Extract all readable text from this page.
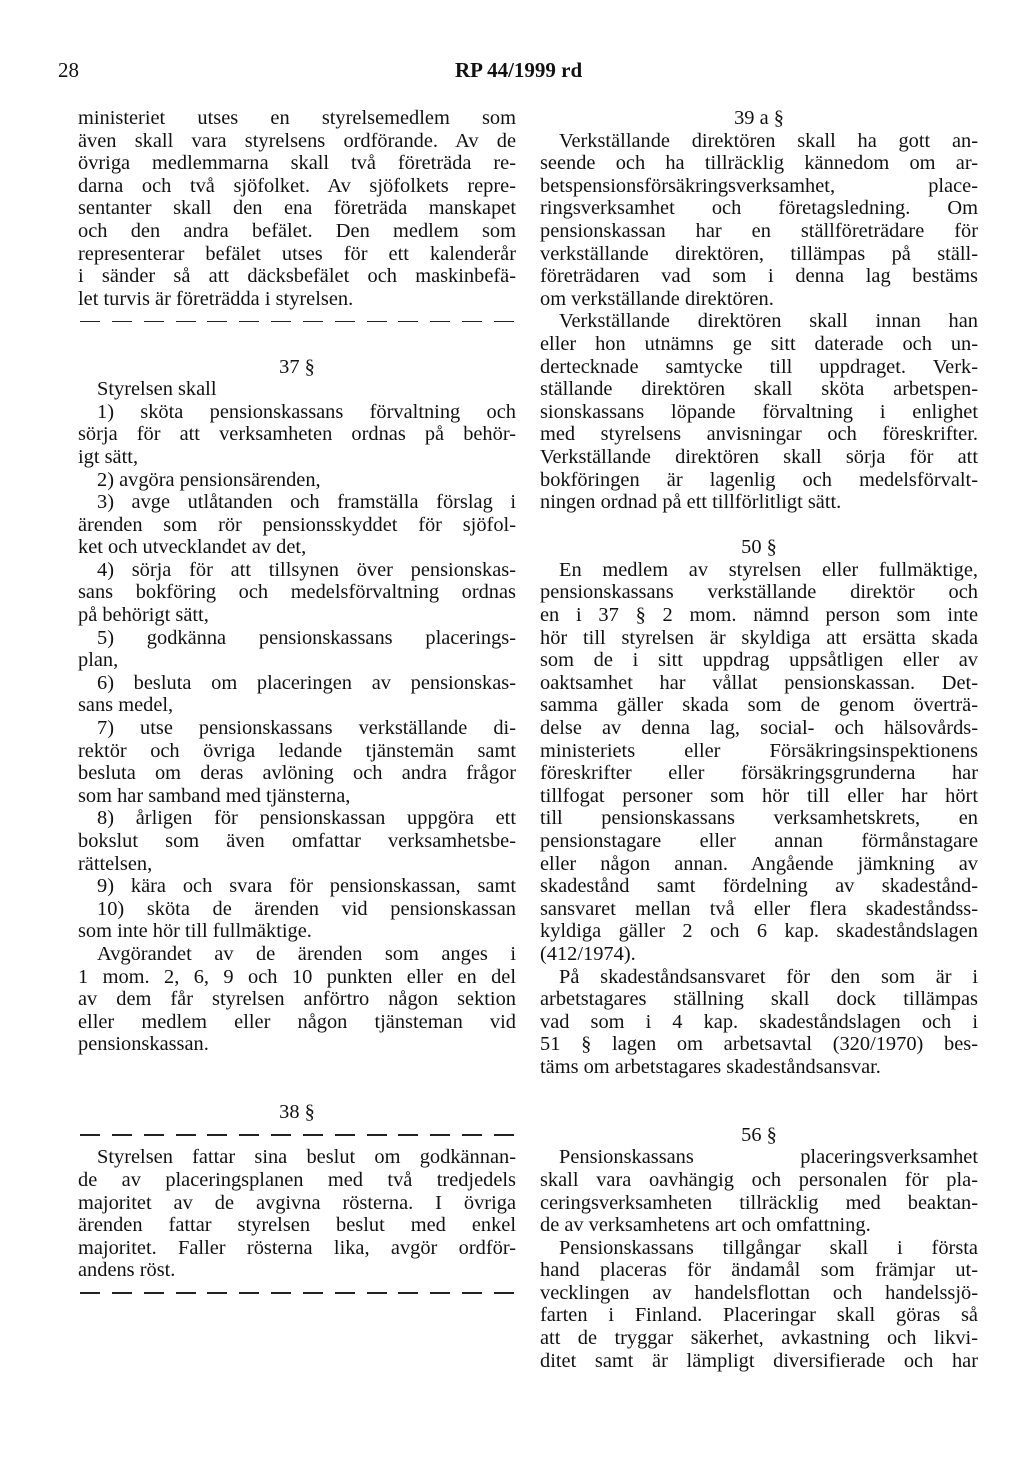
28	RP 44/1999 rd
ministeriet utses en styrelsemedlem som
även skall vara styrelsens ordförande. Av de
övriga medlemmarna skall två företräda re-
darna och två sjöfolket. Av sjöfolkets repre-
sentanter skall den ena företräda manskapet
och den andra befälet. Den medlem som
representerar befälet utses för ett kalenderår
i sänder så att däcksbefälet och maskinbefä-
let turvis är företrädda i styrelsen.
37 §
Styrelsen skall
1) sköta pensionskassans förvaltning och
sörja för att verksamheten ordnas på behör-
igt sätt,
2) avgöra pensionsärenden,
3) avge utlåtanden och framställa förslag i
ärenden som rör pensionsskyddet för sjöfol-
ket och utvecklandet av det,
4) sörja för att tillsynen över pensionskas-
sans bokföring och medelsförvaltning ordnas
på behörigt sätt,
5) godkänna pensionskassans placerings-
plan,
6) besluta om placeringen av pensionskas-
sans medel,
7) utse pensionskassans verkställande di-
rektör och övriga ledande tjänstemän samt
besluta om deras avlöning och andra frågor
som har samband med tjänsterna,
8) årligen för pensionskassan uppgöra ett
bokslut som även omfattar verksamhetsbe-
rättelsen,
9) kära och svara för pensionskassan, samt
10) sköta de ärenden vid pensionskassan
som inte hör till fullmäktige.
Avgörandet av de ärenden som anges i
1 mom. 2, 6, 9 och 10 punkten eller en del
av dem får styrelsen anförtro någon sektion
eller medlem eller någon tjänsteman vid
pensionskassan.
38 §
Styrelsen fattar sina beslut om godkännan-
de av placeringsplanen med två tredjedels
majoritet av de avgivna rösterna. I övriga
ärenden fattar styrelsen beslut med enkel
majoritet. Faller rösterna lika, avgör ordför-
andens röst.
39 a §
Verkställande direktören skall ha gott an-
seende och ha tillräcklig kännedom om ar-
betspensionsförsäkringsverksamhet, place-
ringsverksamhet och företagsledning. Om
pensionskassan har en ställföreträdare för
verkställande direktören, tillämpas på ställ-
företrädaren vad som i denna lag bestäms
om verkställande direktören.
Verkställande direktören skall innan han
eller hon utnämns ge sitt daterade och un-
dertecknade samtycke till uppdraget. Verk-
ställande direktören skall sköta arbetspen-
sionskassans löpande förvaltning i enlighet
med styrelsens anvisningar och föreskrifter.
Verkställande direktören skall sörja för att
bokföringen är lagenlig och medelsförvalt-
ningen ordnad på ett tillförlitligt sätt.
50 §
En medlem av styrelsen eller fullmäktige,
pensionskassans verkställande direktör och
en i 37 § 2 mom. nämnd person som inte
hör till styrelsen är skyldiga att ersätta skada
som de i sitt uppdrag uppsåtligen eller av
oaktsamhet har vållat pensionskassan. Det-
samma gäller skada som de genom överträ-
delse av denna lag, social- och hälsovårds-
ministeriets eller Försäkringsinspektionens
föreskrifter eller försäkringsgrunderna har
tillfogat personer som hör till eller har hört
till pensionskassans verksamhetskrets, en
pensionstagare eller annan förmånstagare
eller någon annan. Angående jämkning av
skadestånd samt fördelning av skadestånd-
sansvaret mellan två eller flera skadeståndss-
kyldiga gäller 2 och 6 kap. skadeståndslagen
(412/1974).
På skadeståndsansvaret för den som är i
arbetstagares ställning skall dock tillämpas
vad som i 4 kap. skadeståndslagen och i
51 § lagen om arbetsavtal (320/1970) bes-
täms om arbetstagares skadeståndsansvar.
56 §
Pensionskassans placeringsverksamhet
skall vara oavhängig och personalen för pla-
ceringsverksamheten tillräcklig med beaktan-
de av verksamhetens art och omfattning.
Pensionskassans tillgångar skall i första
hand placeras för ändamål som främjar ut-
vecklingen av handelsflottan och handelssjö-
farten i Finland. Placeringar skall göras så
att de tryggar säkerhet, avkastning och likvi-
ditet samt är lämpligt diversifierade och har
